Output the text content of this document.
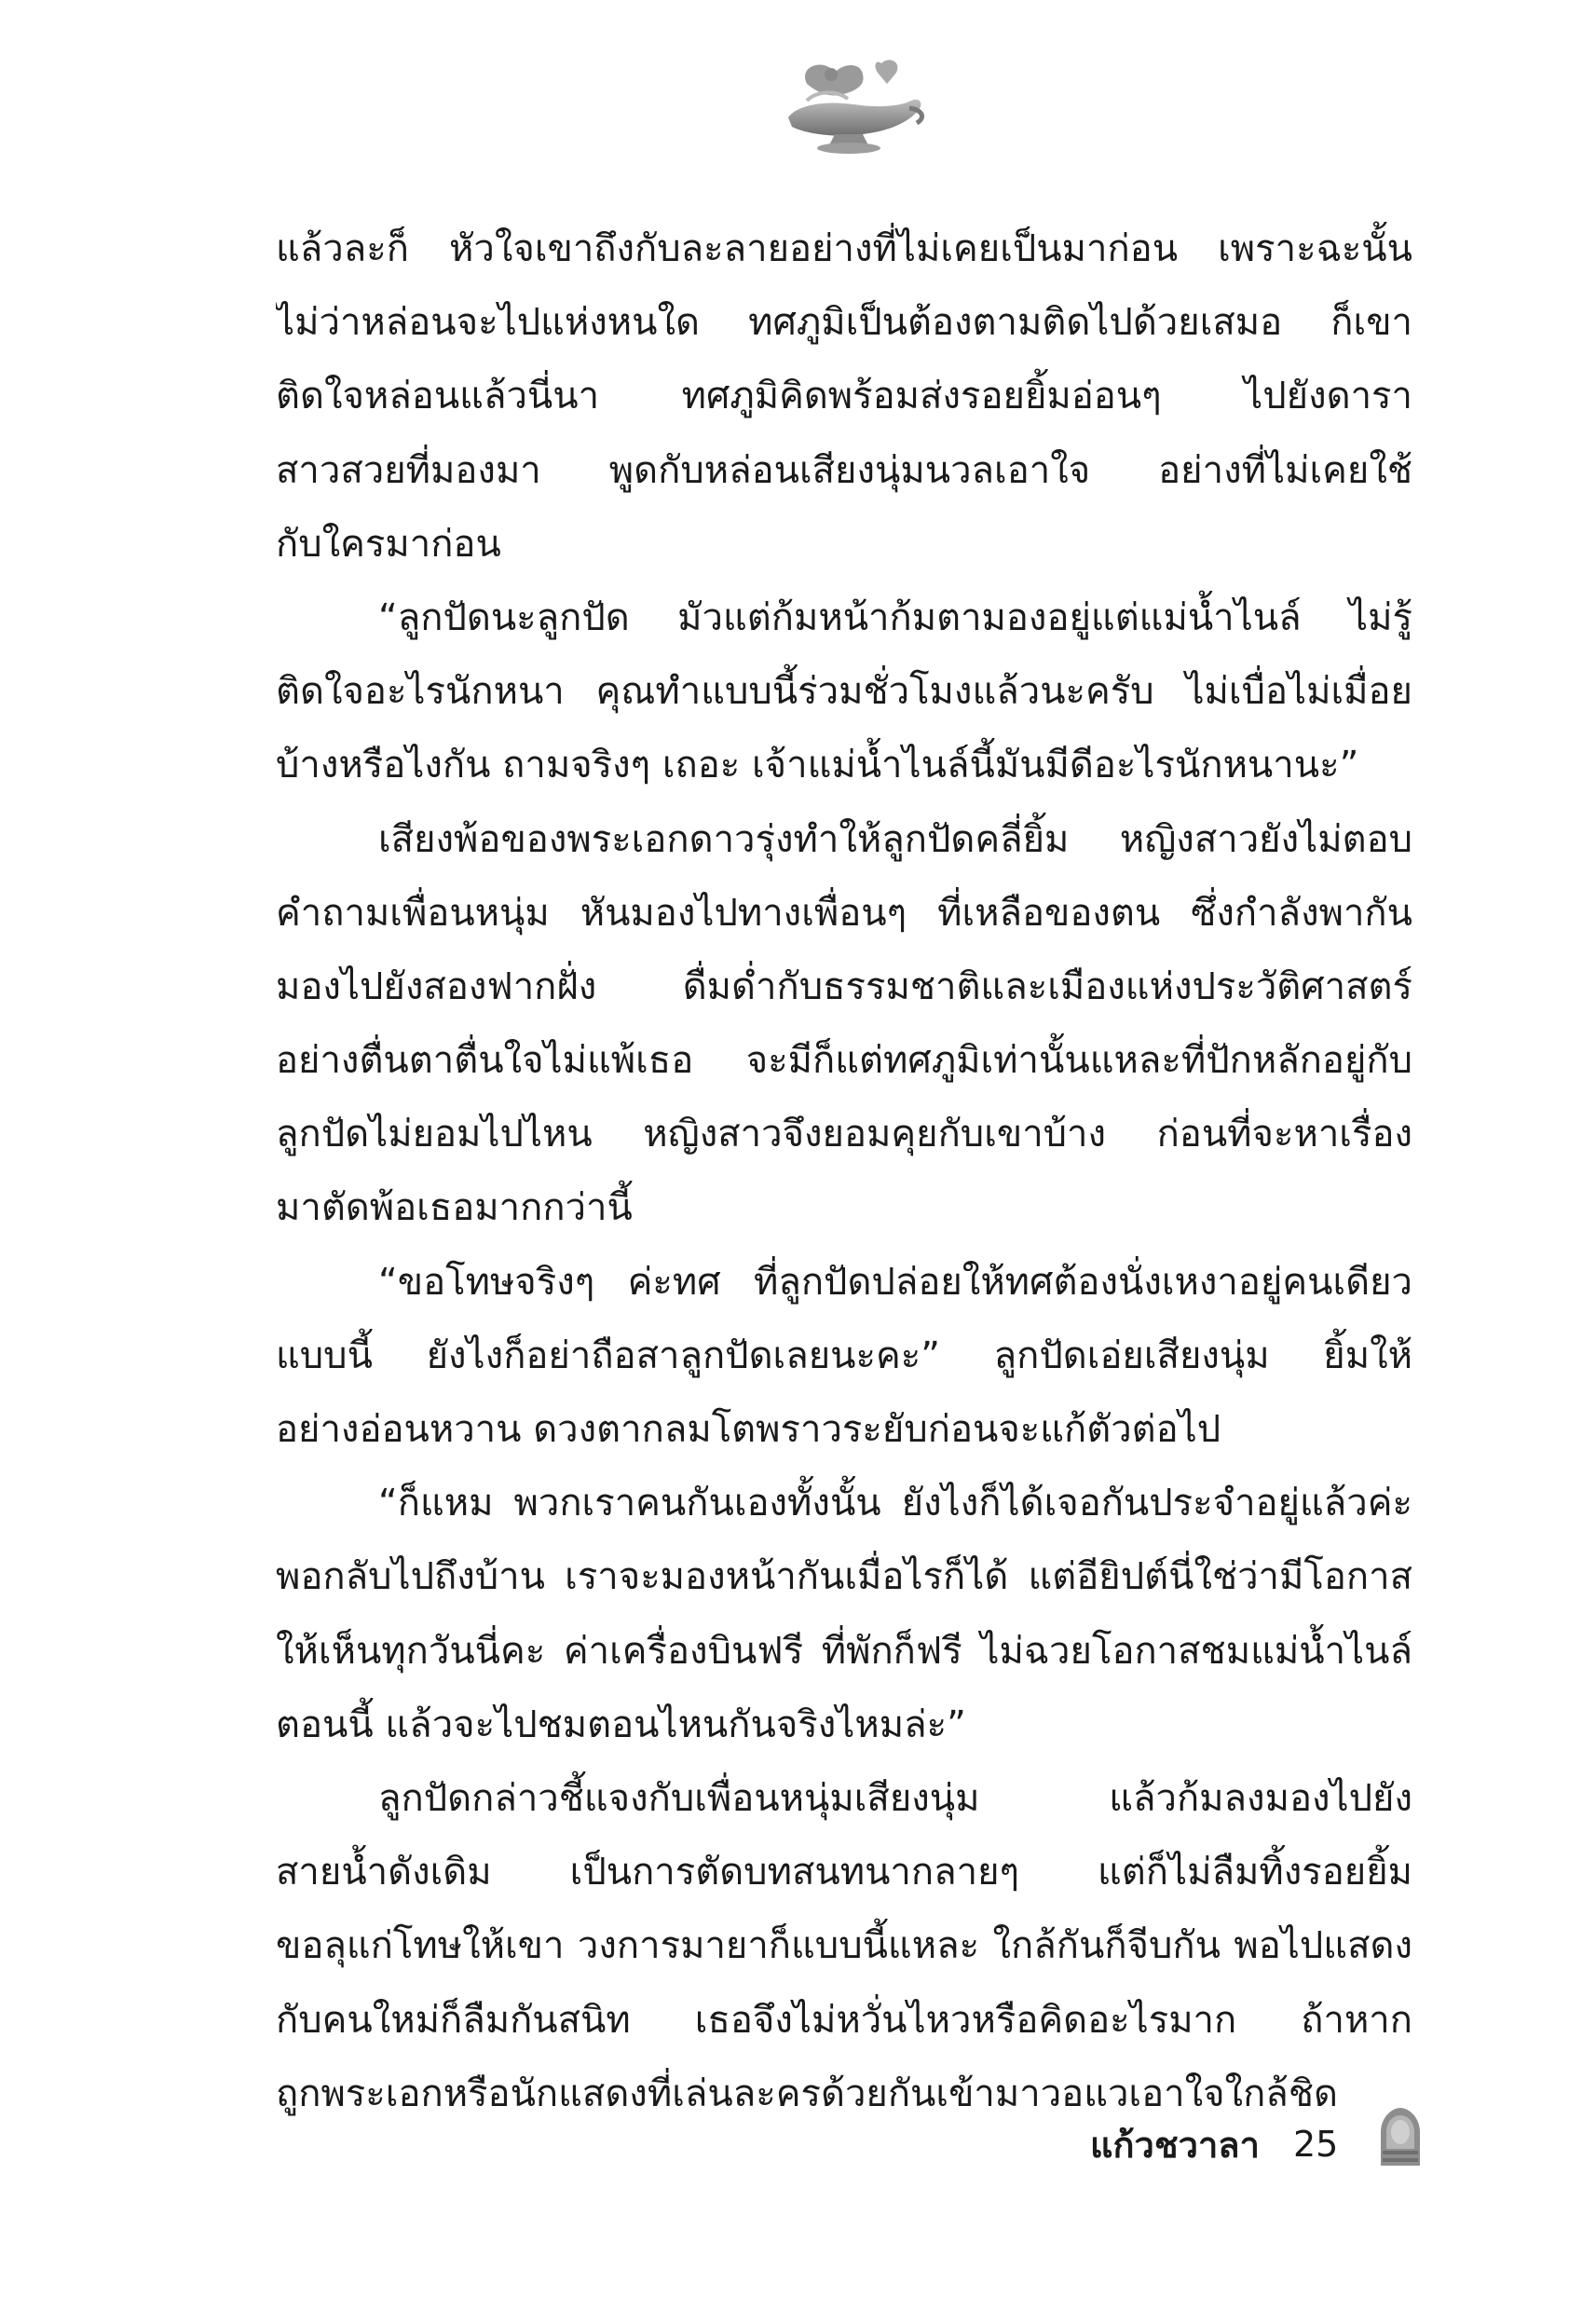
แล้วละก็ หัวใจเขาถึงกับละลายอย่างที่ไม่เคยเป็นมาก่อน เพราะฉะนั้น
ไม่ว่าหล่อนจะไปแห่งหนใด ทศภูมิเป็นต้องตามติดไปด้วยเสมอ ก็เขา
ติดใจหล่อนแล้วนี่นา ทศภูมิคิดพร้อมส่งรอยยิ้มอ่อนๆ ไปยังดารา
สาวสวยที่มองมา พูดกับหล่อนเสียงนุ่มนวลเอาใจ อย่างที่ไม่เคยใช้
กับใครมาก่อน
“ลูกปัดนะลูกปัด มัวแต่ก้มหน้าก้มตามองอยู่แต่แม่น้ำไนล์ ไม่รู้
ติดใจอะไรนักหนา คุณทำแบบนี้ร่วมชั่วโมงแล้วนะครับ ไม่เบื่อไม่เมื่อย
บ้างหรือไงกัน ถามจริงๆ เถอะ เจ้าแม่น้ำไนล์นี้มันมีดีอะไรนักหนานะ”
เสียงพ้อของพระเอกดาวรุ่งทำให้ลูกปัดคลี่ยิ้ม หญิงสาวยังไม่ตอบ
คำถามเพื่อนหนุ่ม หันมองไปทางเพื่อนๆ ที่เหลือของตน ซึ่งกำลังพากัน
มองไปยังสองฟากฝั่ง ดื่มด่ำกับธรรมชาติและเมืองแห่งประวัติศาสตร์
อย่างตื่นตาตื่นใจไม่แพ้เธอ จะมีก็แต่ทศภูมิเท่านั้นแหละที่ปักหลักอยู่กับ
ลูกปัดไม่ยอมไปไหน หญิงสาวจึงยอมคุยกับเขาบ้าง ก่อนที่จะหาเรื่อง
มาตัดพ้อเธอมากกว่านี้
“ขอโทษจริงๆ ค่ะทศ ที่ลูกปัดปล่อยให้ทศต้องนั่งเหงาอยู่คนเดียว
แบบนี้ ยังไงก็อย่าถือสาลูกปัดเลยนะคะ” ลูกปัดเอ่ยเสียงนุ่ม ยิ้มให้
อย่างอ่อนหวาน ดวงตากลมโตพราวระยับก่อนจะแก้ตัวต่อไป
“ก็แหม พวกเราคนกันเองทั้งนั้น ยังไงก็ได้เจอกันประจำอยู่แล้วค่ะ
พอกลับไปถึงบ้าน เราจะมองหน้ากันเมื่อไรก็ได้ แต่อียิปต์นี่ใช่ว่ามีโอกาส
ให้เห็นทุกวันนี่คะ ค่าเครื่องบินฟรี ที่พักก็ฟรี ไม่ฉวยโอกาสชมแม่น้ำไนล์
ตอนนี้ แล้วจะไปชมตอนไหนกันจริงไหมล่ะ”
ลูกปัดกล่าวชี้แจงกับเพื่อนหนุ่มเสียงนุ่ม แล้วก้มลงมองไปยัง
สายน้ำดังเดิม เป็นการตัดบทสนทนากลายๆ แต่ก็ไม่ลืมทิ้งรอยยิ้ม
ขอลุแก่โทษให้เขา วงการมายาก็แบบนี้แหละ ใกล้กันก็จีบกัน พอไปแสดง
กับคนใหม่ก็ลืมกันสนิท เธอจึงไม่หวั่นไหวหรือคิดอะไรมาก ถ้าหาก
ถูกพระเอกหรือนักแสดงที่เล่นละครด้วยกันเข้ามาวอแวเอาใจใกล้ชิด
แก้วชวาลา 25
